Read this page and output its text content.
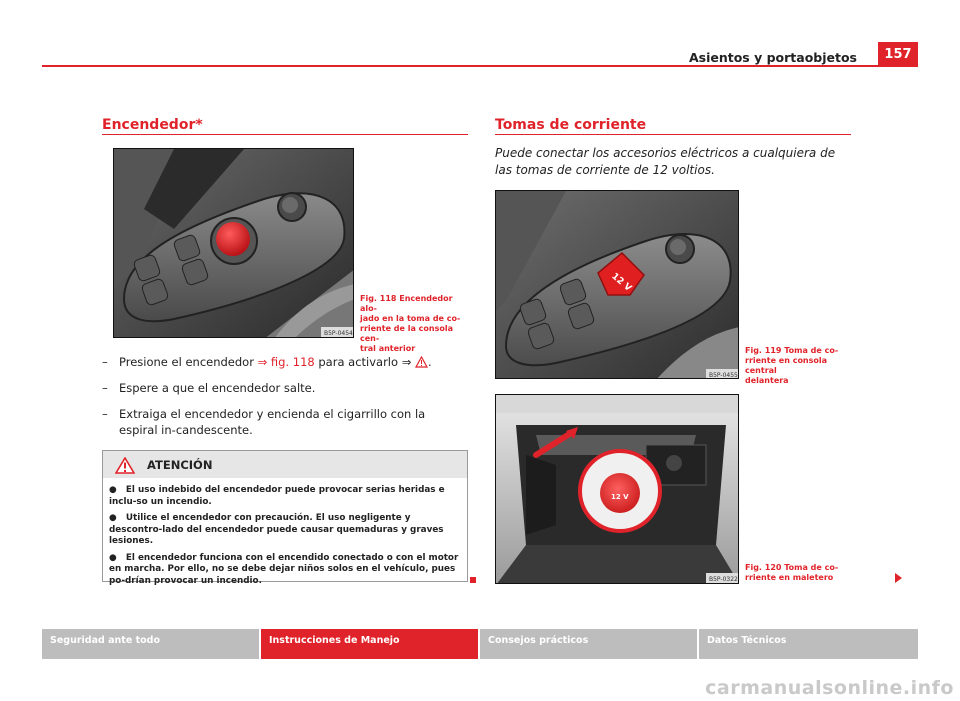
Asientos y portaobjetos	157
Encendedor*
B5P-0454
Fig. 118 Encendedor alo-
jado en la toma de co-
rriente de la consola cen-
tral anterior
– Presione el encendedor ⇒ fig. 118 para activarlo ⇒ .
– Espere a que el encendedor salte.
– Extraiga el encendedor y encienda el cigarrillo con la espiral in-candescente.
ATENCIÓN

●   El uso indebido del encendedor puede provocar serias heridas e inclu-so un incendio.

●   Utilice el encendedor con precaución. El uso negligente y descontro-lado del encendedor puede causar quemaduras y graves lesiones.

●   El encendedor funciona con el encendido conectado o con el motor en marcha. Por ello, no se debe dejar niños solos en el vehículo, pues po-drían provocar un incendio.

Tomas de corriente
Puede conectar los accesorios eléctricos a cualquiera de las tomas de corriente de 12 voltios.
12 V
B5P-0455
Fig. 119 Toma de co-
rriente en consola central
delantera
12 V
B5P-0322
Fig. 120 Toma de co-
rriente en maletero
Seguridad ante todo	Instrucciones de Manejo	Consejos prácticos	Datos Técnicos
carmanualsonline.info
